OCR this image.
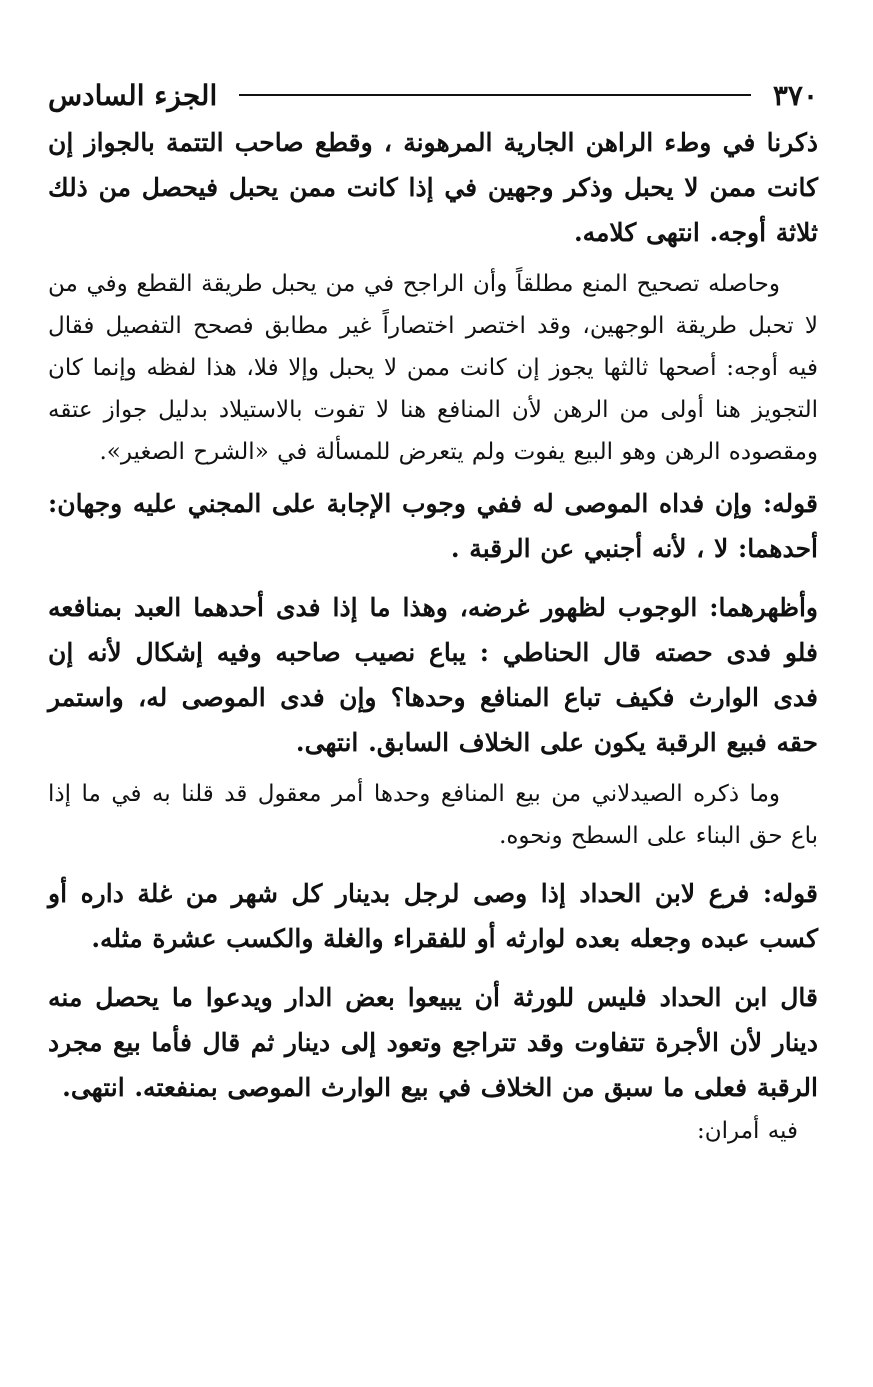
٣٧٠
الجزء السادس

ذكرنا في وطء الراهن الجارية المرهونة ، وقطع صاحب التتمة بالجواز إن كانت ممن لا يحبل وذكر وجهين في إذا كانت ممن يحبل فيحصل من ذلك ثلاثة أوجه. انتهى كلامه.

وحاصله تصحيح المنع مطلقاً وأن الراجح في من يحبل طريقة القطع وفي من لا تحبل طريقة الوجهين، وقد اختصر اختصاراً غير مطابق فصحح التفصيل فقال فيه أوجه: أصحها ثالثها يجوز إن كانت ممن لا يحبل وإلا فلا، هذا لفظه وإنما كان التجويز هنا أولى من الرهن لأن المنافع هنا لا تفوت بالاستيلاد بدليل جواز عتقه ومقصوده الرهن وهو البيع يفوت ولم يتعرض للمسألة في «الشرح الصغير».

قوله: وإن فداه الموصى له ففي وجوب الإجابة على المجني عليه وجهان: أحدهما: لا ، لأنه أجنبي عن الرقبة .

وأظهرهما: الوجوب لظهور غرضه، وهذا ما إذا فدى أحدهما العبد بمنافعه فلو فدى حصته قال الحناطي : يباع نصيب صاحبه وفيه إشكال لأنه إن فدى الوارث فكيف تباع المنافع وحدها؟ وإن فدى الموصى له، واستمر حقه فبيع الرقبة يكون على الخلاف السابق. انتهى.

وما ذكره الصيدلاني من بيع المنافع وحدها أمر معقول قد قلنا به في ما إذا باع حق البناء على السطح ونحوه.

قوله: فرع لابن الحداد إذا وصى لرجل بدينار كل شهر من غلة داره أو كسب عبده وجعله بعده لوارثه أو للفقراء والغلة والكسب عشرة مثله.

قال ابن الحداد فليس للورثة أن يبيعوا بعض الدار ويدعوا ما يحصل منه دينار لأن الأجرة تتفاوت وقد تتراجع وتعود إلى دينار ثم قال فأما بيع مجرد الرقبة فعلى ما سبق من الخلاف في بيع الوارث الموصى بمنفعته. انتهى.

فيه أمران:
